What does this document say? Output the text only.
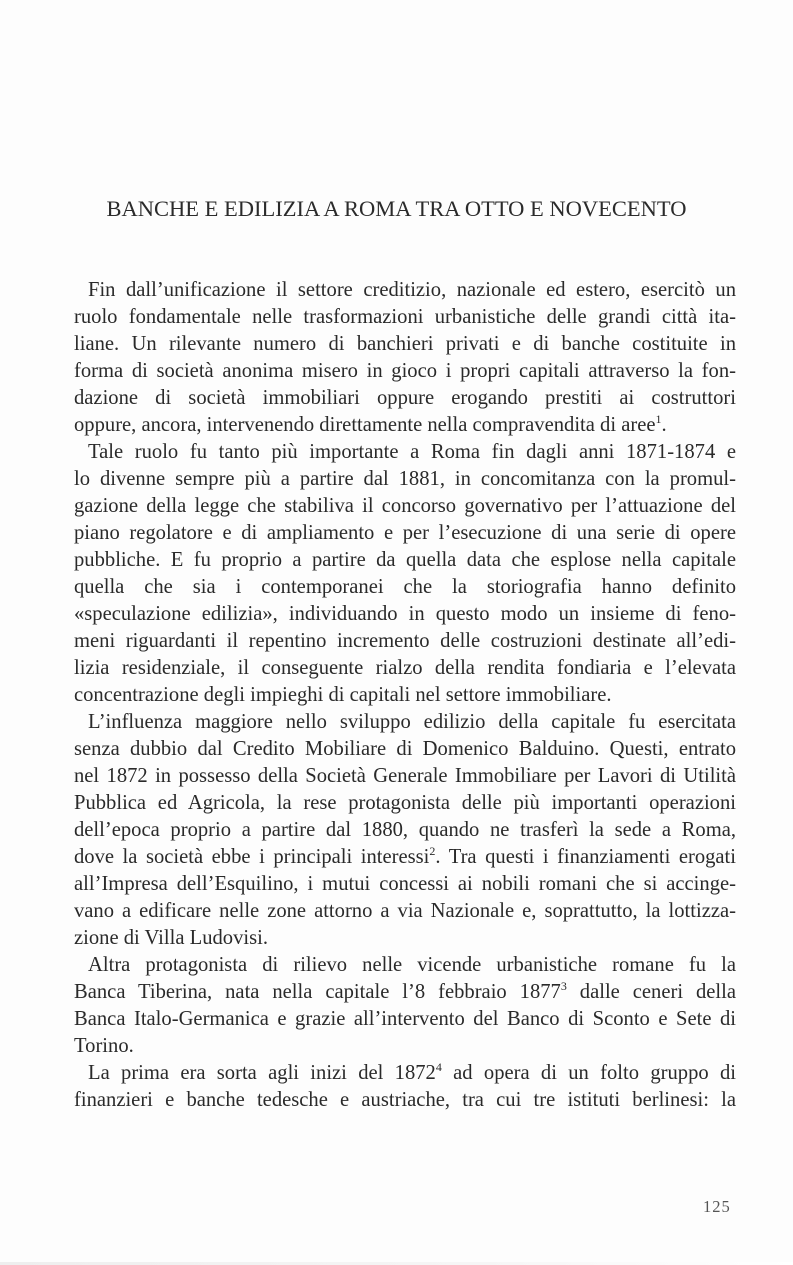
BANCHE E EDILIZIA A ROMA TRA OTTO E NOVECENTO
Fin dall’unificazione il settore creditizio, nazionale ed estero, esercitò un
ruolo fondamentale nelle trasformazioni urbanistiche delle grandi città ita-
liane. Un rilevante numero di banchieri privati e di banche costituite in
forma di società anonima misero in gioco i propri capitali attraverso la fon-
dazione di società immobiliari oppure erogando prestiti ai costruttori
oppure, ancora, intervenendo direttamente nella compravendita di aree$^1$.
Tale ruolo fu tanto più importante a Roma fin dagli anni 1871-1874 e
lo divenne sempre più a partire dal 1881, in concomitanza con la promul-
gazione della legge che stabiliva il concorso governativo per l’attuazione del
piano regolatore e di ampliamento e per l’esecuzione di una serie di opere
pubbliche. E fu proprio a partire da quella data che esplose nella capitale
quella che sia i contemporanei che la storiografia hanno definito
«speculazione edilizia», individuando in questo modo un insieme di feno-
meni riguardanti il repentino incremento delle costruzioni destinate all’edi-
lizia residenziale, il conseguente rialzo della rendita fondiaria e l’elevata
concentrazione degli impieghi di capitali nel settore immobiliare.
L’influenza maggiore nello sviluppo edilizio della capitale fu esercitata
senza dubbio dal Credito Mobiliare di Domenico Balduino. Questi, entrato
nel 1872 in possesso della Società Generale Immobiliare per Lavori di Utilità
Pubblica ed Agricola, la rese protagonista delle più importanti operazioni
dell’epoca proprio a partire dal 1880, quando ne trasferì la sede a Roma,
dove la società ebbe i principali interessi$^2$. Tra questi i finanziamenti erogati
all’Impresa dell’Esquilino, i mutui concessi ai nobili romani che si accinge-
vano a edificare nelle zone attorno a via Nazionale e, soprattutto, la lottizza-
zione di Villa Ludovisi.
Altra protagonista di rilievo nelle vicende urbanistiche romane fu la
Banca Tiberina, nata nella capitale l’8 febbraio 1877$^3$ dalle ceneri della
Banca Italo-Germanica e grazie all’intervento del Banco di Sconto e Sete di
Torino.
La prima era sorta agli inizi del 1872$^4$ ad opera di un folto gruppo di
finanzieri e banche tedesche e austriache, tra cui tre istituti berlinesi: la
125
